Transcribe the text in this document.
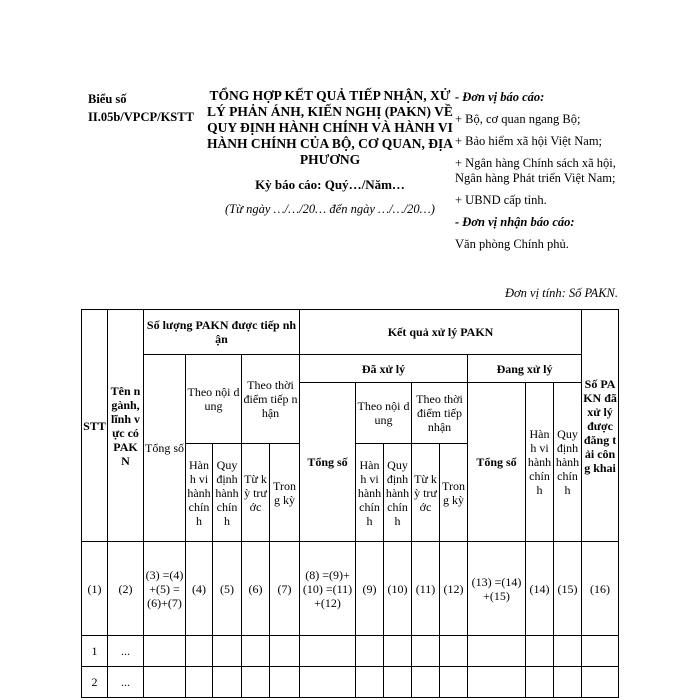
Biểu số II.05b/VPCP/KSTT

TỔNG HỢP KẾT QUẢ TIẾP NHẬN, XỬ LÝ PHẢN ÁNH, KIẾN NGHỊ (PAKN) VỀ QUY ĐỊNH HÀNH CHÍNH VÀ HÀNH VI HÀNH CHÍNH CỦA BỘ, CƠ QUAN, ĐỊA PHƯƠNG

Kỳ báo cáo: Quý…/Năm…
(Từ ngày …/…/20… đến ngày …/…/20…)
- Đơn vị báo cáo:
+ Bộ, cơ quan ngang Bộ;
+ Bảo hiểm xã hội Việt Nam;
+ Ngân hàng Chính sách xã hội, Ngân hàng Phát triển Việt Nam;
+ UBND cấp tỉnh.
- Đơn vị nhận báo cáo:
Văn phòng Chính phủ.
Đơn vị tính: Số PAKN.
STT	Tên ngành, lĩnh vực có PAKN	Số lượng PAKN được tiếp nhận					Kết quả xử lý PAKN								Số PAKN đã xử lý được đăng tải công khai
		Tổng số	Theo nội dung		Theo thời điểm tiếp nhận		Đã xử lý					Đang xử lý			
							Tổng số	Theo nội dung		Theo thời điểm tiếp nhận		Tổng số	Hành vi hành chính	Quy định hành chính	
			Hành vi hành chính	Quy định hành chính	Từ kỳ trước	Trong kỳ		Hành vi hành chính	Quy định hành chính	Từ kỳ trước	Trong kỳ				
(1)	(2)	(3) =(4)+(5) =(6)+(7)	(4)	(5)	(6)	(7)	(8) =(9)+(10) =(11)+(12)	(9)	(10)	(11)	(12)	(13) =(14)+(15)	(14)	(15)	(16)
1	...														
2	...														
